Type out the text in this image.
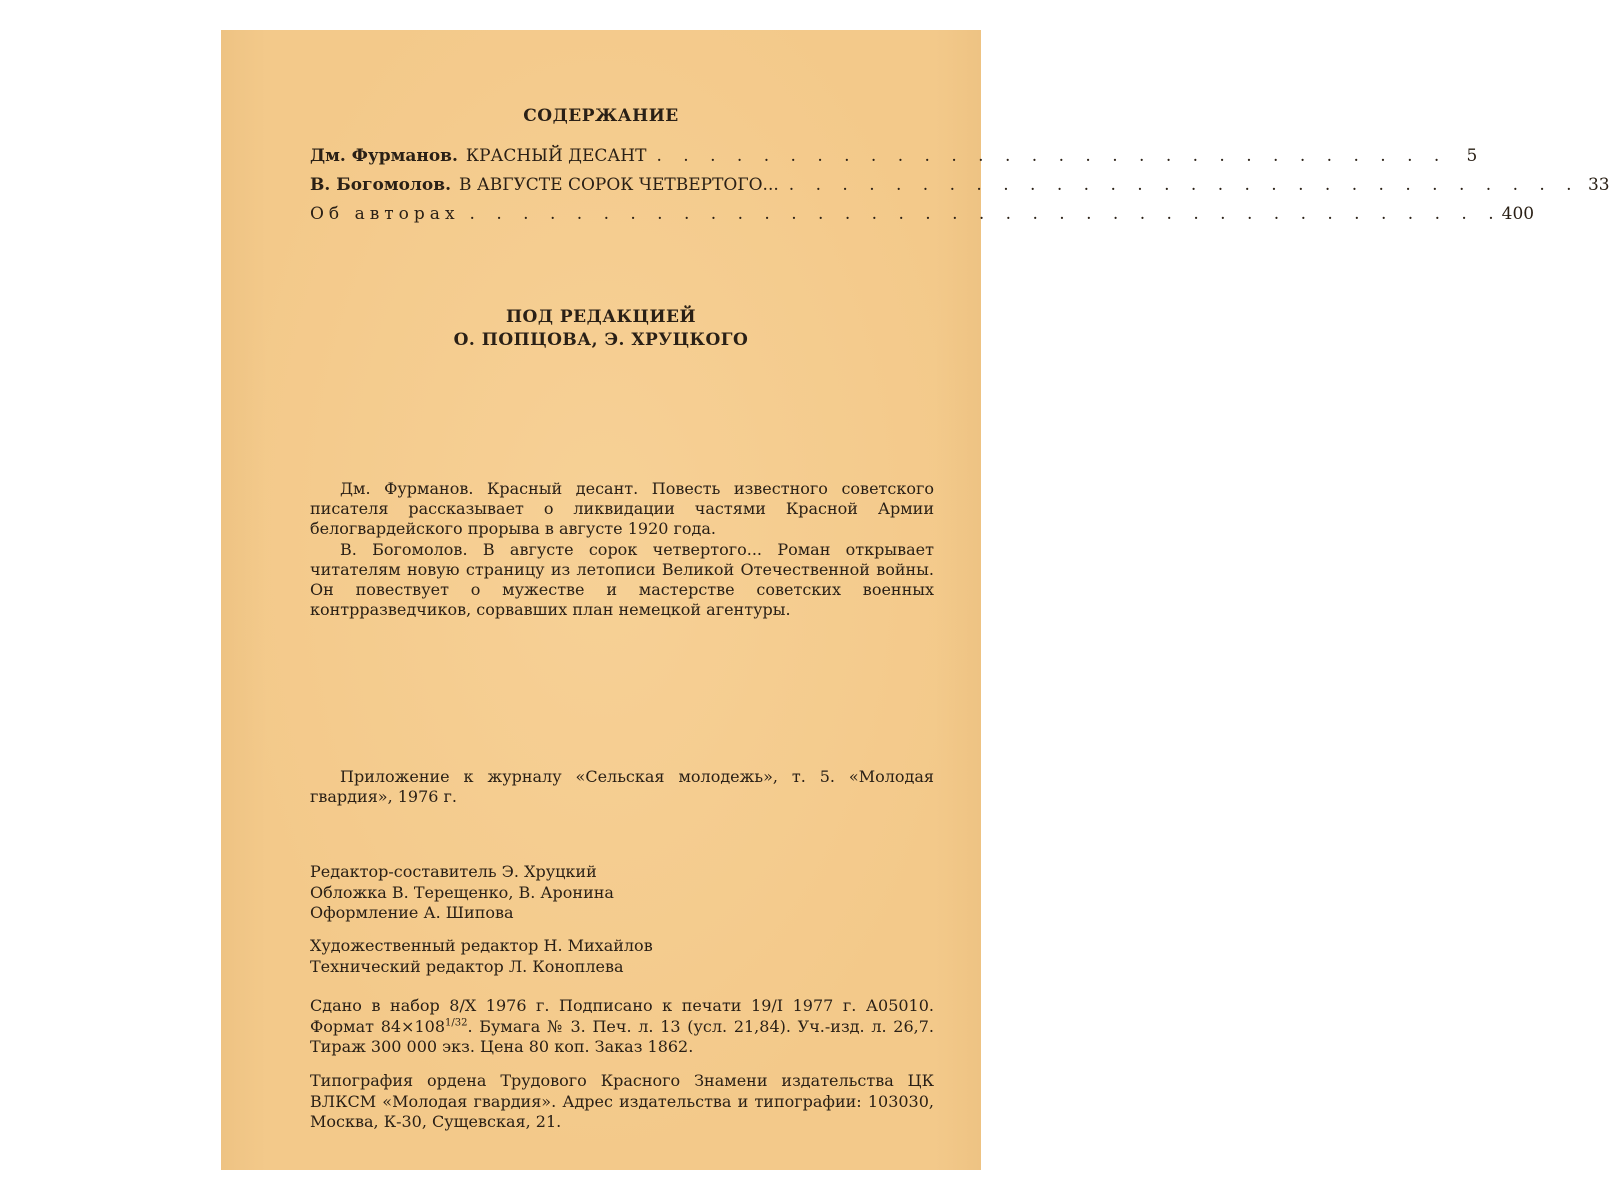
СОДЕРЖАНИЕ
Дм. Фурманов. КРАСНЫЙ ДЕСАНТ . . . . . . . . . . . . . . . . . . . . . . . . . . . . . .	5
В. Богомолов. В АВГУСТЕ СОРОК ЧЕТВЕРТОГО... . . . . . . . . . . . . . . . . . . . . . . . . . . . . . . 33
Об авторах . . . . . . . . . . . . . . . . . . . . . . . . . . . . . . . . . . . . . . . 400
ПОД РЕДАКЦИЕЙ
О. ПОПЦОВА, Э. ХРУЦКОГО

Дм. Фурманов. Красный десант. Повесть известного советского писателя рассказывает о ликвидации частями Красной Армии белогвардейского прорыва в августе 1920 года.

В. Богомолов. В августе сорок четвертого... Роман открывает читателям новую страницу из летописи Великой Отечественной войны. Он повествует о мужестве и мастерстве советских военных контрразведчиков, сорвавших план немецкой агентуры.

Приложение к журналу «Сельская молодежь», т. 5. «Молодая гвардия», 1976 г.
Редактор-составитель Э. Хруцкий
Обложка В. Терещенко, В. Аронина
Оформление А. Шипова
Художественный редактор Н. Михайлов
Технический редактор Л. Коноплева

Сдано в набор 8/X 1976 г. Подписано к печати 19/I 1977 г. А05010. Формат $84\times 108^{1/32}$. Бумага № 3. Печ. л. 13 (усл. 21,84). Уч.-изд. л. 26,7. Тираж 300 000 экз. Цена 80 коп. Заказ 1862.

Типография ордена Трудового Красного Знамени издательства ЦК ВЛКСМ «Молодая гвардия». Адрес издательства и типографии: 103030, Москва, К-30, Сущевская, 21.
